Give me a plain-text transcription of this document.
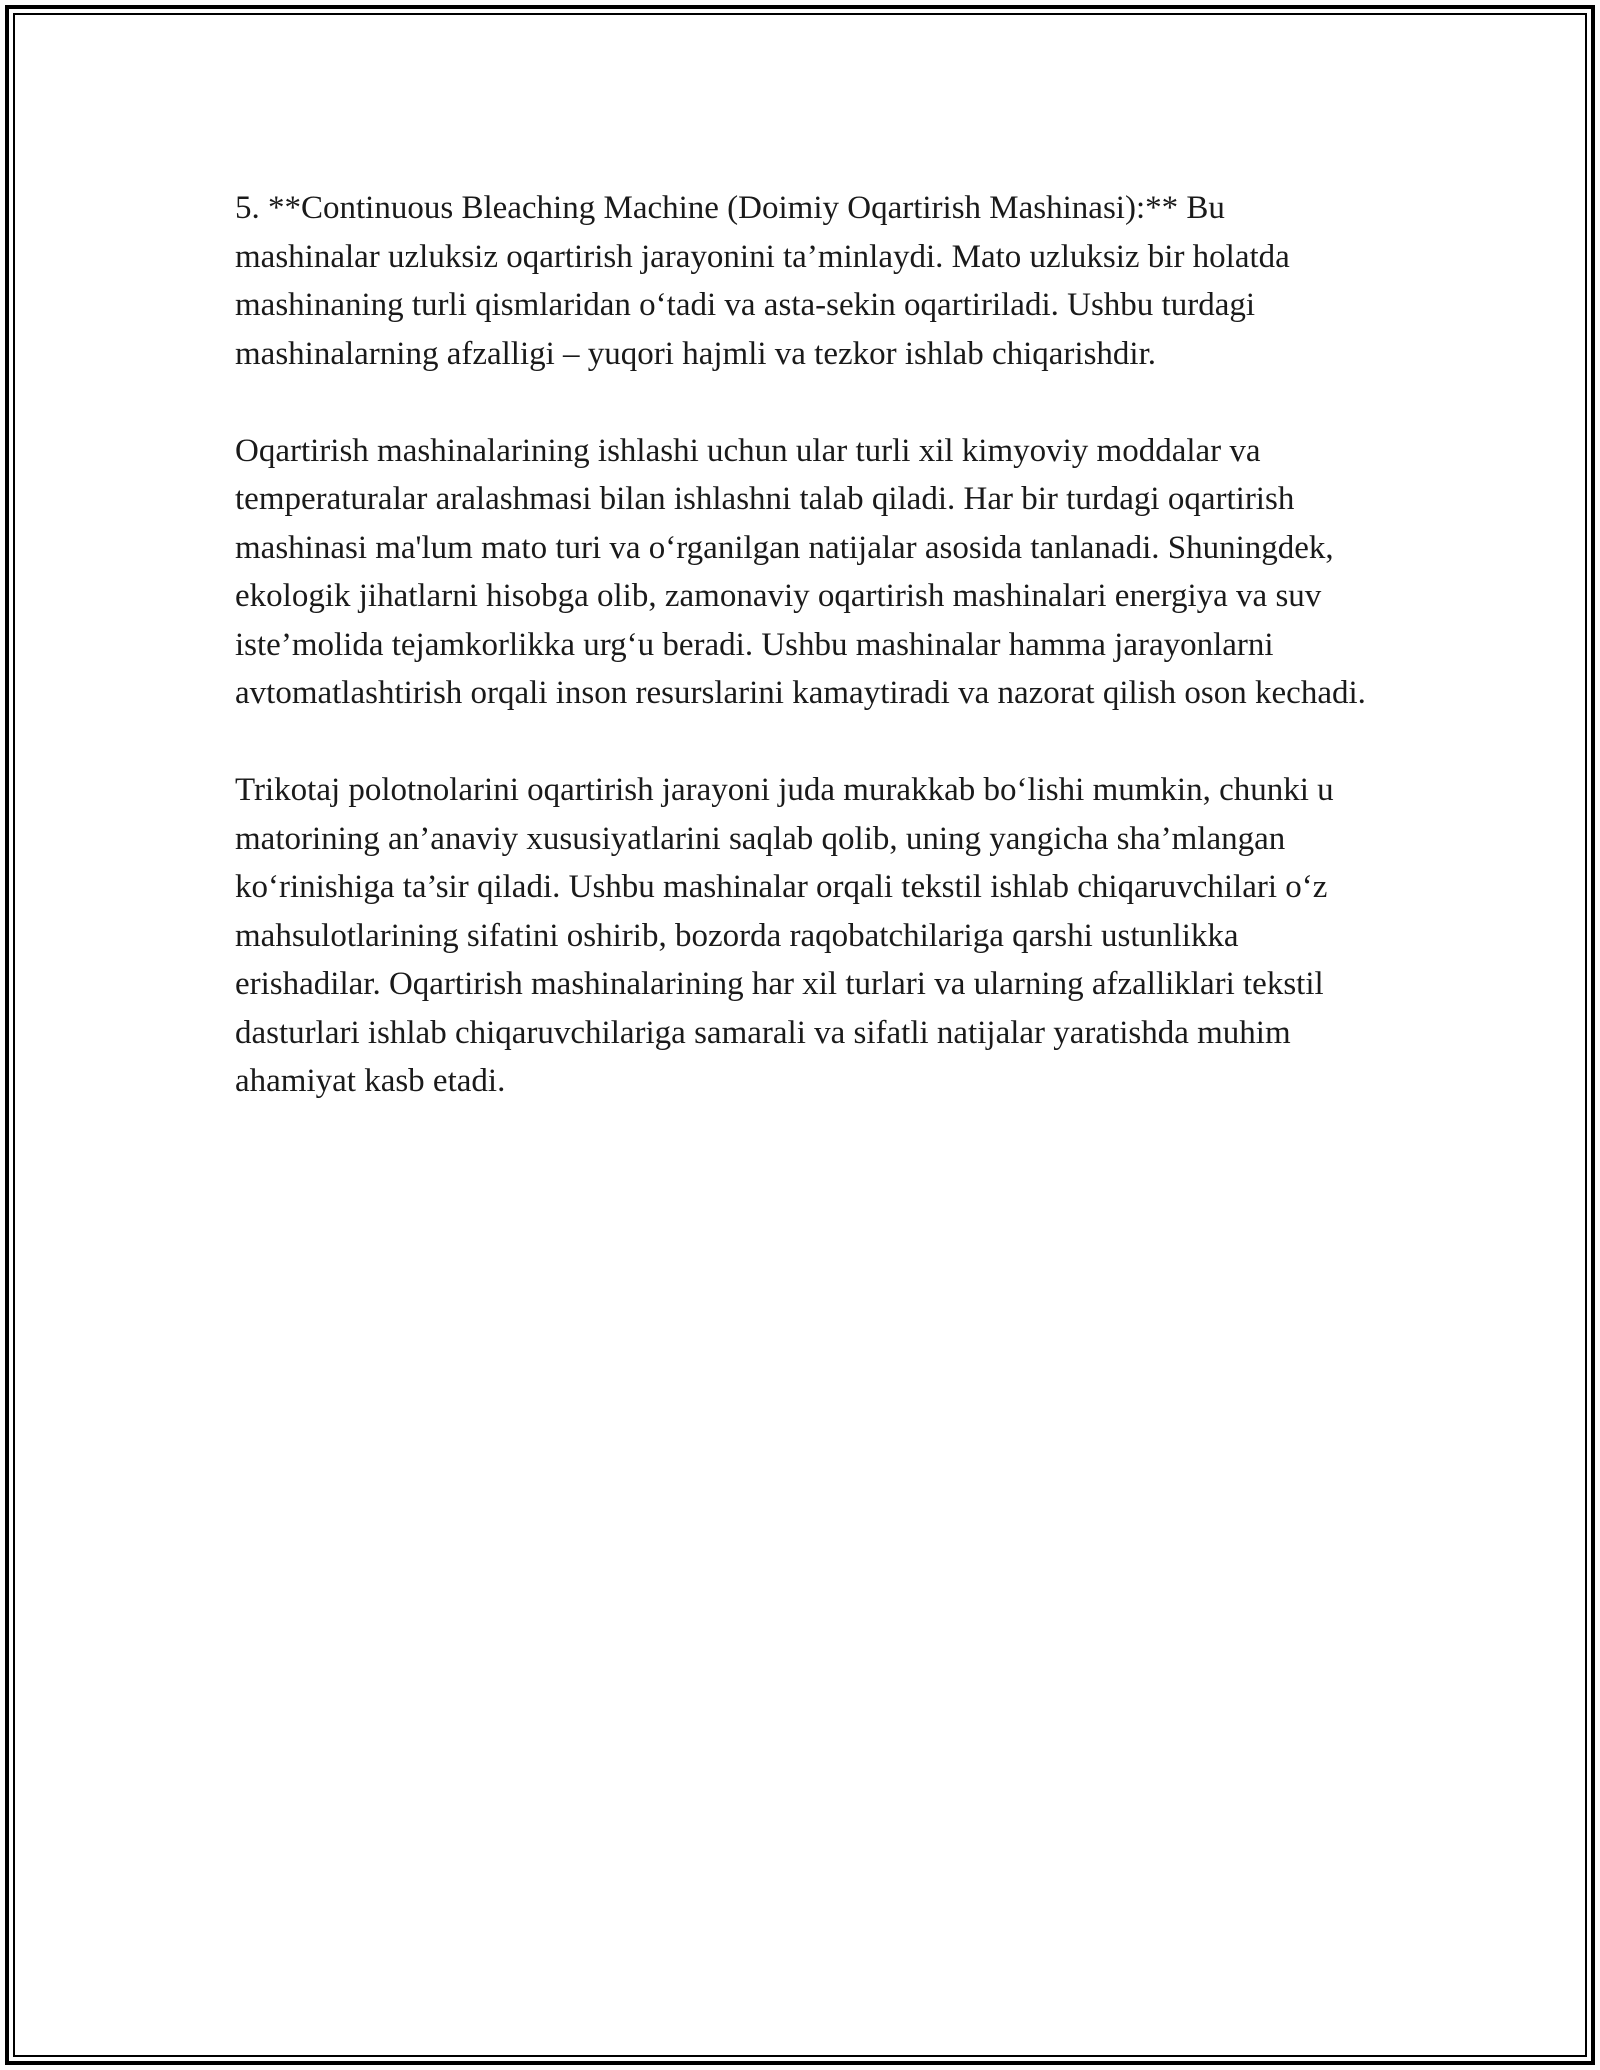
5. **Continuous Bleaching Machine (Doimiy Oqartirish Mashinasi):** Bu mashinalar uzluksiz oqartirish jarayonini ta’minlaydi. Mato uzluksiz bir holatda mashinaning turli qismlaridan o‘tadi va asta-sekin oqartiriladi. Ushbu turdagi mashinalarning afzalligi – yuqori hajmli va tezkor ishlab chiqarishdir.

Oqartirish mashinalarining ishlashi uchun ular turli xil kimyoviy moddalar va temperaturalar aralashmasi bilan ishlashni talab qiladi. Har bir turdagi oqartirish mashinasi ma'lum mato turi va o‘rganilgan natijalar asosida tanlanadi. Shuningdek, ekologik jihatlarni hisobga olib, zamonaviy oqartirish mashinalari energiya va suv iste’molida tejamkorlikka urg‘u beradi. Ushbu mashinalar hamma jarayonlarni avtomatlashtirish orqali inson resurslarini kamaytiradi va nazorat qilish oson kechadi.

Trikotaj polotnolarini oqartirish jarayoni juda murakkab bo‘lishi mumkin, chunki u matorining an’anaviy xususiyatlarini saqlab qolib, uning yangicha sha’mlangan ko‘rinishiga ta’sir qiladi. Ushbu mashinalar orqali tekstil ishlab chiqaruvchilari o‘z mahsulotlarining sifatini oshirib, bozorda raqobatchilariga qarshi ustunlikka erishadilar. Oqartirish mashinalarining har xil turlari va ularning afzalliklari tekstil dasturlari ishlab chiqaruvchilariga samarali va sifatli natijalar yaratishda muhim ahamiyat kasb etadi.
